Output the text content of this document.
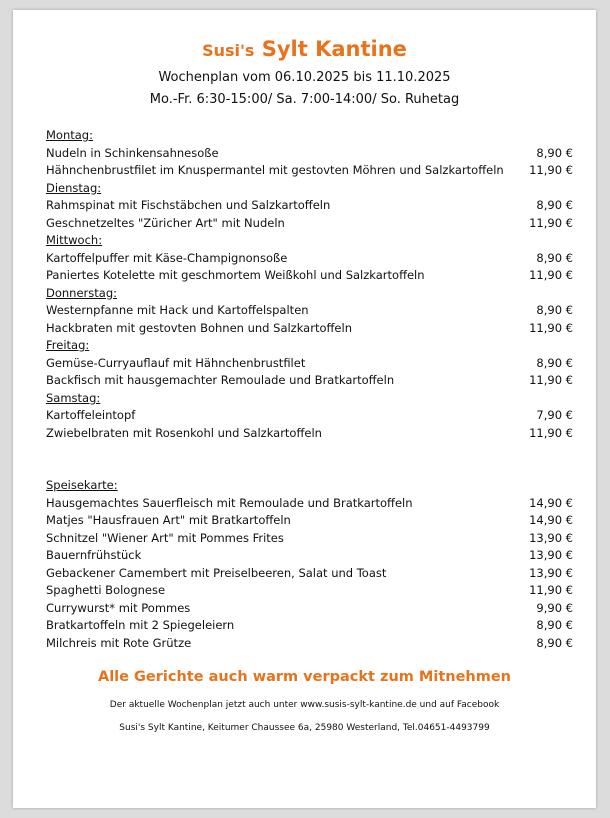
Susi's Sylt Kantine
Wochenplan vom 06.10.2025 bis 11.10.2025
Mo.-Fr. 6:30-15:00/ Sa. 7:00-14:00/ So. Ruhetag
Montag:
Nudeln in Schinkensahnesoße	8,90 €
Hähnchenbrustfilet im Knuspermantel mit gestovten Möhren und Salzkartoffeln 11,90 €
Dienstag:
Rahmspinat mit Fischstäbchen und Salzkartoffeln	8,90 €
Geschnetzeltes "Züricher Art" mit Nudeln	11,90 €
Mittwoch:
Kartoffelpuffer mit Käse-Champignonsoße	8,90 €
Paniertes Kotelette mit geschmortem Weißkohl und Salzkartoffeln	11,90 €
Donnerstag:
Westernpfanne mit Hack und Kartoffelspalten	8,90 €
Hackbraten mit gestovten Bohnen und Salzkartoffeln	11,90 €
Freitag:
Gemüse-Curryauflauf mit Hähnchenbrustfilet	8,90 €
Backfisch mit hausgemachter Remoulade und Bratkartoffeln	11,90 €
Samstag:
Kartoffeleintopf	7,90 €
Zwiebelbraten mit Rosenkohl und Salzkartoffeln	11,90 €
Speisekarte:
Hausgemachtes Sauerfleisch mit Remoulade und Bratkartoffeln	14,90 €
Matjes "Hausfrauen Art" mit Bratkartoffeln	14,90 €
Schnitzel "Wiener Art" mit Pommes Frites	13,90 €
Bauernfrühstück	13,90 €
Gebackener Camembert mit Preiselbeeren, Salat und Toast	13,90 €
Spaghetti Bolognese	11,90 €
Currywurst* mit Pommes	9,90 €
Bratkartoffeln mit 2 Spiegeleiern	8,90 €
Milchreis mit Rote Grütze	8,90 €
Alle Gerichte auch warm verpackt zum Mitnehmen
Der aktuelle Wochenplan jetzt auch unter www.susis-sylt-kantine.de und auf Facebook
Susi's Sylt Kantine, Keitumer Chaussee 6a, 25980 Westerland, Tel.04651-4493799
